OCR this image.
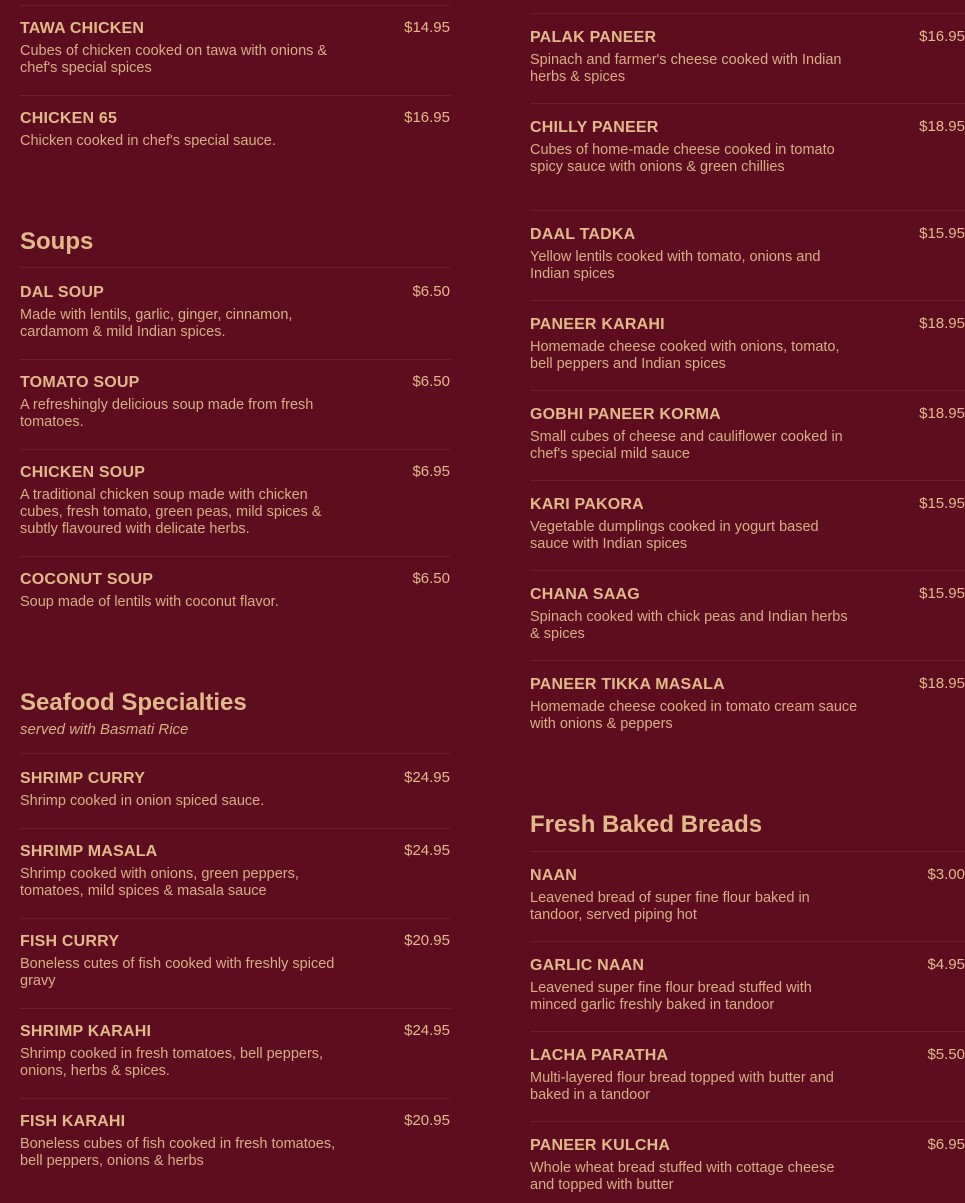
TAWA CHICKEN	$14.95
Cubes of chicken cooked on tawa with onions & chef's special spices
CHICKEN 65	$16.95
Chicken cooked in chef's special sauce.
Soups
DAL SOUP	$6.50
Made with lentils, garlic, ginger, cinnamon, cardamom & mild Indian spices.
TOMATO SOUP	$6.50
A refreshingly delicious soup made from fresh tomatoes.
CHICKEN SOUP	$6.95
A traditional chicken soup made with chicken cubes, fresh tomato, green peas, mild spices & subtly flavoured with delicate herbs.
COCONUT SOUP	$6.50
Soup made of lentils with coconut flavor.
Seafood Specialties
served with Basmati Rice
SHRIMP CURRY	$24.95
Shrimp cooked in onion spiced sauce.
SHRIMP MASALA	$24.95
Shrimp cooked with onions, green peppers, tomatoes, mild spices & masala sauce
FISH CURRY	$20.95
Boneless cutes of fish cooked with freshly spiced gravy
SHRIMP KARAHI	$24.95
Shrimp cooked in fresh tomatoes, bell peppers, onions, herbs & spices.
FISH KARAHI	$20.95
Boneless cubes of fish cooked in fresh tomatoes, bell peppers, onions & herbs
PALAK PANEER	$16.95
Spinach and farmer's cheese cooked with Indian herbs & spices
CHILLY PANEER	$18.95
Cubes of home-made cheese cooked in tomato spicy sauce with onions & green chillies
DAAL TADKA	$15.95
Yellow lentils cooked with tomato, onions and Indian spices
PANEER KARAHI	$18.95
Homemade cheese cooked with onions, tomato, bell peppers and Indian spices
GOBHI PANEER KORMA	$18.95
Small cubes of cheese and cauliflower cooked in chef's special mild sauce
KARI PAKORA	$15.95
Vegetable dumplings cooked in yogurt based sauce with Indian spices
CHANA SAAG	$15.95
Spinach cooked with chick peas and Indian herbs & spices
PANEER TIKKA MASALA	$18.95
Homemade cheese cooked in tomato cream sauce with onions & peppers
Fresh Baked Breads
NAAN	$3.00
Leavened bread of super fine flour baked in tandoor, served piping hot
GARLIC NAAN	$4.95
Leavened super fine flour bread stuffed with minced garlic freshly baked in tandoor
LACHA PARATHA	$5.50
Multi-layered flour bread topped with butter and baked in a tandoor
PANEER KULCHA	$6.95
Whole wheat bread stuffed with cottage cheese and topped with butter
